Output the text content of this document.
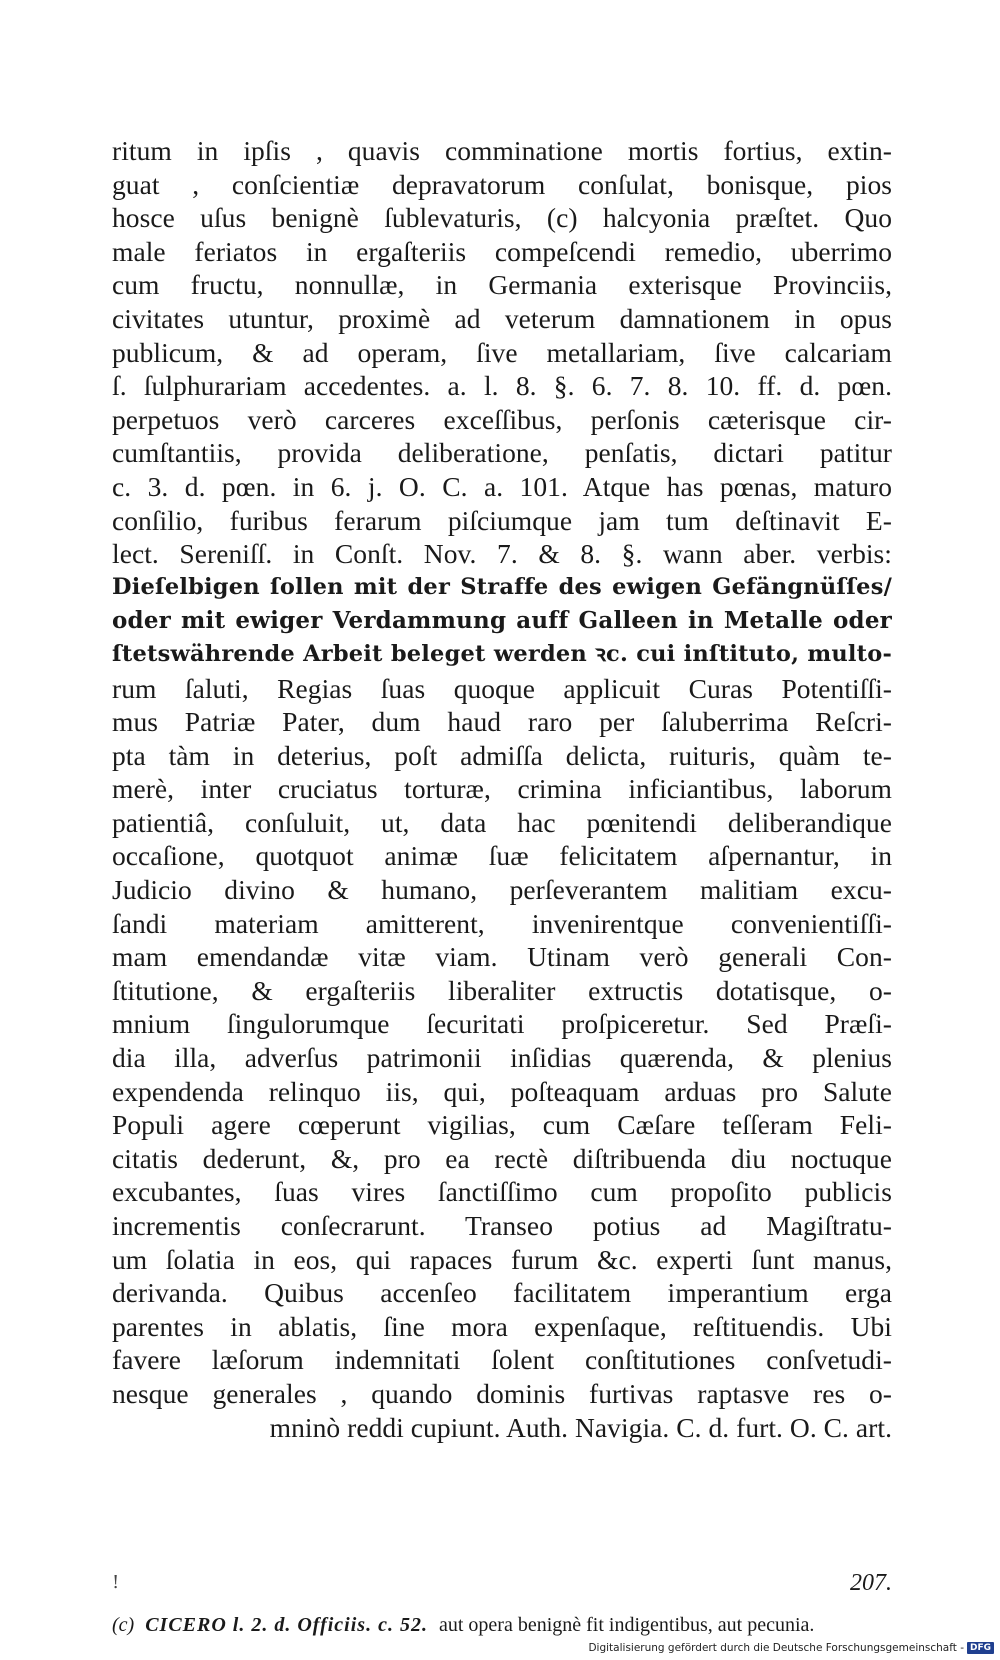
ritum in ipſis , quavis comminatione mortis fortius, extin-
guat , conſcientiæ depravatorum conſulat, bonisque, pios
hosce uſus benignè ſublevaturis, (c) halcyonia præſtet. Quo
male feriatos in ergaſteriis compeſcendi remedio, uberrimo
cum fructu, nonnullæ, in Germania exterisque Provinciis,
civitates utuntur, proximè ad veterum damnationem in opus
publicum, & ad operam, ſive metallariam, ſive calcariam
ſ. ſulphurariam accedentes. a. l. 8. §. 6. 7. 8. 10. ff. d. pœn.
perpetuos verò carceres exceſſibus, perſonis cæterisque cir-
cumſtantiis, provida deliberatione, penſatis, dictari patitur
c. 3. d. pœn. in 6. j. O. C. a. 101. Atque has pœnas, maturo
conſilio, furibus ferarum piſciumque jam tum deſtinavit E-
lect. Sereniſſ. in Conſt. Nov. 7. & 8. §. wann aber. verbis:
Dieſelbigen ſollen mit der Straffe des ewigen Gefängnüſſes/
oder mit ewiger Verdammung auff Galleen in Metalle oder
ſtetswährende Arbeit beleget werden ꝛc. cui inſtituto, multo-
rum ſaluti, Regias ſuas quoque applicuit Curas Potentiſſi-
mus Patriæ Pater, dum haud raro per ſaluberrima Reſcri-
pta tàm in deterius, poſt admiſſa delicta, ruituris, quàm te-
merè, inter cruciatus torturæ, crimina inficiantibus, laborum
patientiâ, conſuluit, ut, data hac pœnitendi deliberandique
occaſione, quotquot animæ ſuæ felicitatem aſpernantur, in
Judicio divino & humano, perſeverantem malitiam excu-
ſandi materiam amitterent, invenirentque convenientiſſi-
mam emendandæ vitæ viam. Utinam verò generali Con-
ſtitutione, & ergaſteriis liberaliter extructis dotatisque, o-
mnium ſingulorumque ſecuritati proſpiceretur. Sed Præſi-
dia illa, adverſus patrimonii inſidias quærenda, & plenius
expendenda relinquo iis, qui, poſteaquam arduas pro Salute
Populi agere cœperunt vigilias, cum Cæſare teſſeram Feli-
citatis dederunt, &, pro ea rectè diſtribuenda diu noctuque
excubantes, ſuas vires ſanctiſſimo cum propoſito publicis
incrementis conſecrarunt. Transeo potius ad Magiſtratu-
um ſolatia in eos, qui rapaces furum &c. experti ſunt manus,
derivanda. Quibus accenſeo facilitatem imperantium erga
parentes in ablatis, ſine mora expenſaque, reſtituendis. Ubi
favere læſorum indemnitati ſolent conſtitutiones conſvetudi-
nesque generales , quando dominis furtivas raptasve res o-
mninò reddi cupiunt. Auth. Navigia. C. d. furt. O. C. art.
!	207.
(c) CICERO l. 2. d. Officiis. c. 52. aut opera benignè fit indigentibus, aut pecunia.
Digitalisierung gefördert durch die Deutsche Forschungsgemeinschaft - DFG
